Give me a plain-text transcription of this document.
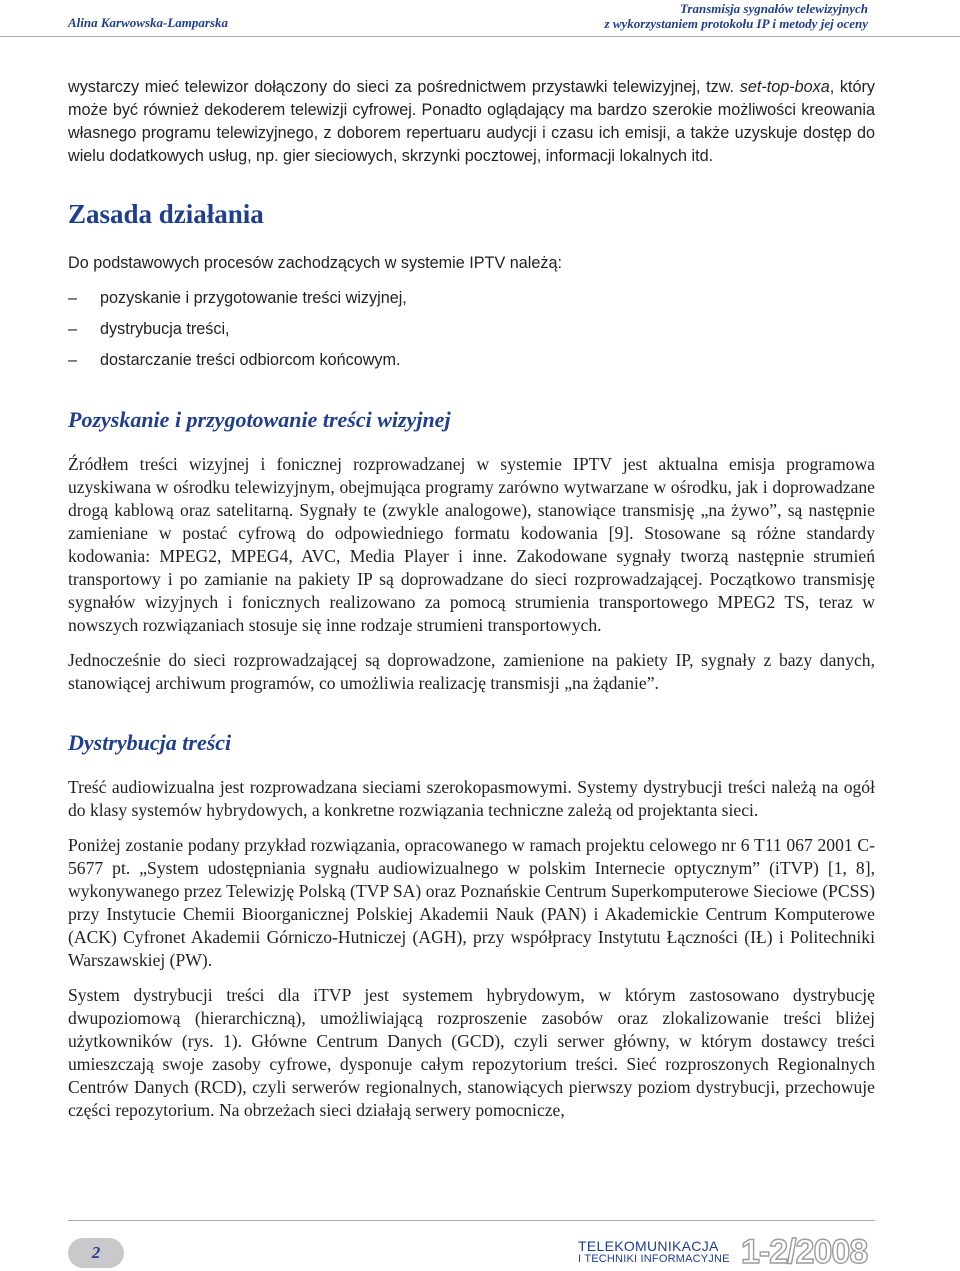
Alina Karwowska-Lamparska
Transmisja sygnałów telewizyjnych
z wykorzystaniem protokołu IP i metody jej oceny

wystarczy mieć telewizor dołączony do sieci za pośrednictwem przystawki telewizyjnej, tzw. set-top-boxa, który może być również dekoderem telewizji cyfrowej. Ponadto oglądający ma bardzo szerokie możliwości kreowania własnego programu telewizyjnego, z doborem repertuaru audycji i czasu ich emisji, a także uzyskuje dostęp do wielu dodatkowych usług, np. gier sieciowych, skrzynki pocztowej, informacji lokalnych itd.

Zasada działania

Do podstawowych procesów zachodzących w systemie IPTV należą:

– pozyskanie i przygotowanie treści wizyjnej,
– dystrybucja treści,
– dostarczanie treści odbiorcom końcowym.
Pozyskanie i przygotowanie treści wizyjnej

Źródłem treści wizyjnej i fonicznej rozprowadzanej w systemie IPTV jest aktualna emisja programowa uzyskiwana w ośrodku telewizyjnym, obejmująca programy zarówno wytwarzane w ośrodku, jak i doprowadzane drogą kablową oraz satelitarną. Sygnały te (zwykle analogowe), stanowiące transmisję „na żywo”, są następnie zamieniane w postać cyfrową do odpowiedniego formatu kodowania [9]. Stosowane są różne standardy kodowania: MPEG2, MPEG4, AVC, Media Player i inne. Zakodowane sygnały tworzą następnie strumień transportowy i po zamianie na pakiety IP są doprowadzane do sieci rozprowadzającej. Początkowo transmisję sygnałów wizyjnych i fonicznych realizowano za pomocą strumienia transportowego MPEG2 TS, teraz w nowszych rozwiązaniach stosuje się inne rodzaje strumieni transportowych.

Jednocześnie do sieci rozprowadzającej są doprowadzone, zamienione na pakiety IP, sygnały z bazy danych, stanowiącej archiwum programów, co umożliwia realizację transmisji „na żądanie”.

Dystrybucja treści

Treść audiowizualna jest rozprowadzana sieciami szerokopasmowymi. Systemy dystrybucji treści należą na ogół do klasy systemów hybrydowych, a konkretne rozwiązania techniczne zależą od projektanta sieci.

Poniżej zostanie podany przykład rozwiązania, opracowanego w ramach projektu celowego nr 6 T11 067 2001 C-5677 pt. „System udostępniania sygnału audiowizualnego w polskim Internecie optycznym” (iTVP) [1, 8], wykonywanego przez Telewizję Polską (TVP SA) oraz Poznańskie Centrum Superkomputerowe Sieciowe (PCSS) przy Instytucie Chemii Bioorganicznej Polskiej Akademii Nauk (PAN) i Akademickie Centrum Komputerowe (ACK) Cyfronet Akademii Górniczo-Hutniczej (AGH), przy współpracy Instytutu Łączności (IŁ) i Politechniki Warszawskiej (PW).

System dystrybucji treści dla iTVP jest systemem hybrydowym, w którym zastosowano dystrybucję dwupoziomową (hierarchiczną), umożliwiającą rozproszenie zasobów oraz zlokalizowanie treści bliżej użytkowników (rys. 1). Główne Centrum Danych (GCD), czyli serwer główny, w którym dostawcy treści umieszczają swoje zasoby cyfrowe, dysponuje całym repozytorium treści. Sieć rozproszonych Regionalnych Centrów Danych (RCD), czyli serwerów regionalnych, stanowiących pierwszy poziom dystrybucji, przechowuje części repozytorium. Na obrzeżach sieci działają serwery pomocnicze,

2	TELEKOMUNIKACJA
I TECHNIKI INFORMACYJNE 1-2/2008
